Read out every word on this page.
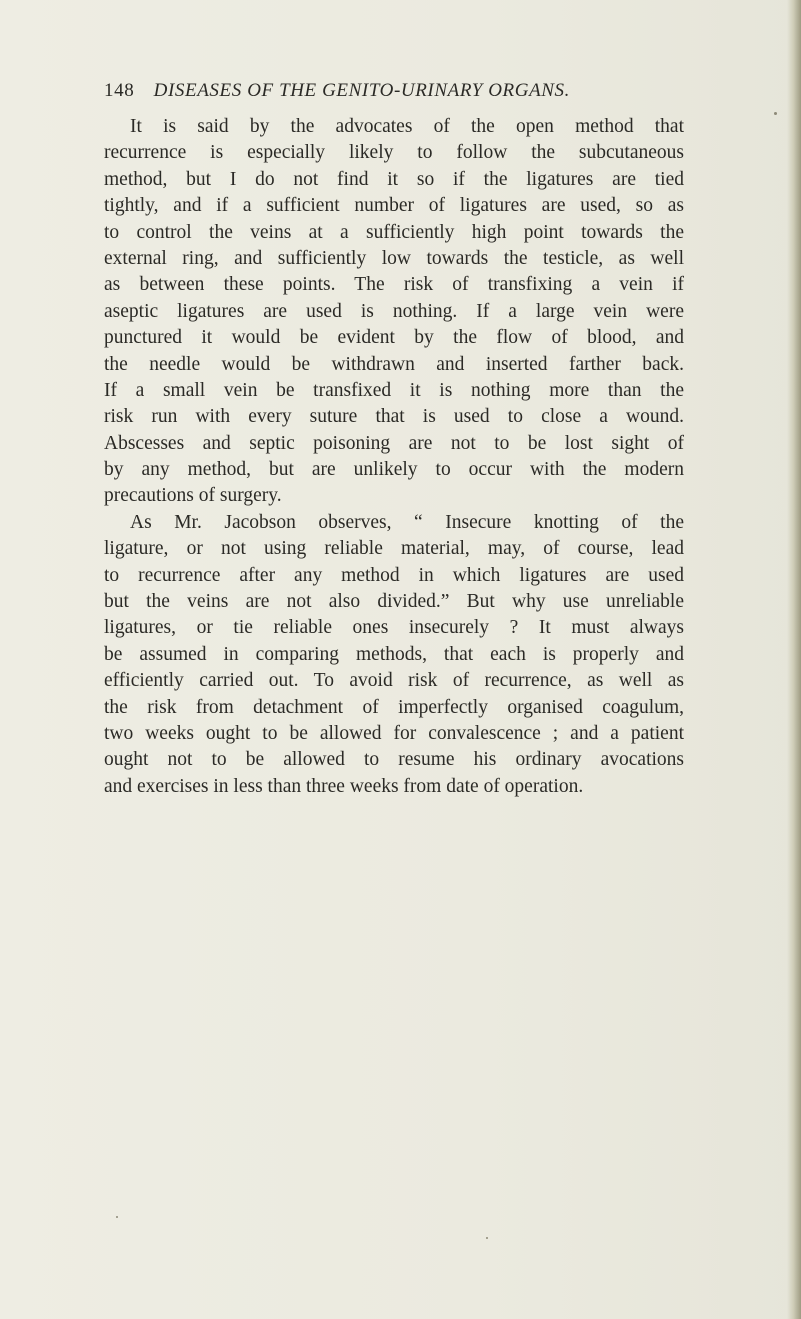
148 DISEASES OF THE GENITO-URINARY ORGANS.
It is said by the advocates of the open method that
recurrence is especially likely to follow the subcutaneous
method, but I do not find it so if the ligatures are tied
tightly, and if a sufficient number of ligatures are used, so as
to control the veins at a sufficiently high point towards the
external ring, and sufficiently low towards the testicle, as well
as between these points. The risk of transfixing a vein if
aseptic ligatures are used is nothing. If a large vein were
punctured it would be evident by the flow of blood, and
the needle would be withdrawn and inserted farther back.
If a small vein be transfixed it is nothing more than the
risk run with every suture that is used to close a wound.
Abscesses and septic poisoning are not to be lost sight of
by any method, but are unlikely to occur with the modern
precautions of surgery.
As Mr. Jacobson observes, “ Insecure knotting of the
ligature, or not using reliable material, may, of course, lead
to recurrence after any method in which ligatures are used
but the veins are not also divided.” But why use unreliable
ligatures, or tie reliable ones insecurely ? It must always
be assumed in comparing methods, that each is properly and
efficiently carried out. To avoid risk of recurrence, as well as
the risk from detachment of imperfectly organised coagulum,
two weeks ought to be allowed for convalescence ; and a patient
ought not to be allowed to resume his ordinary avocations
and exercises in less than three weeks from date of operation.
